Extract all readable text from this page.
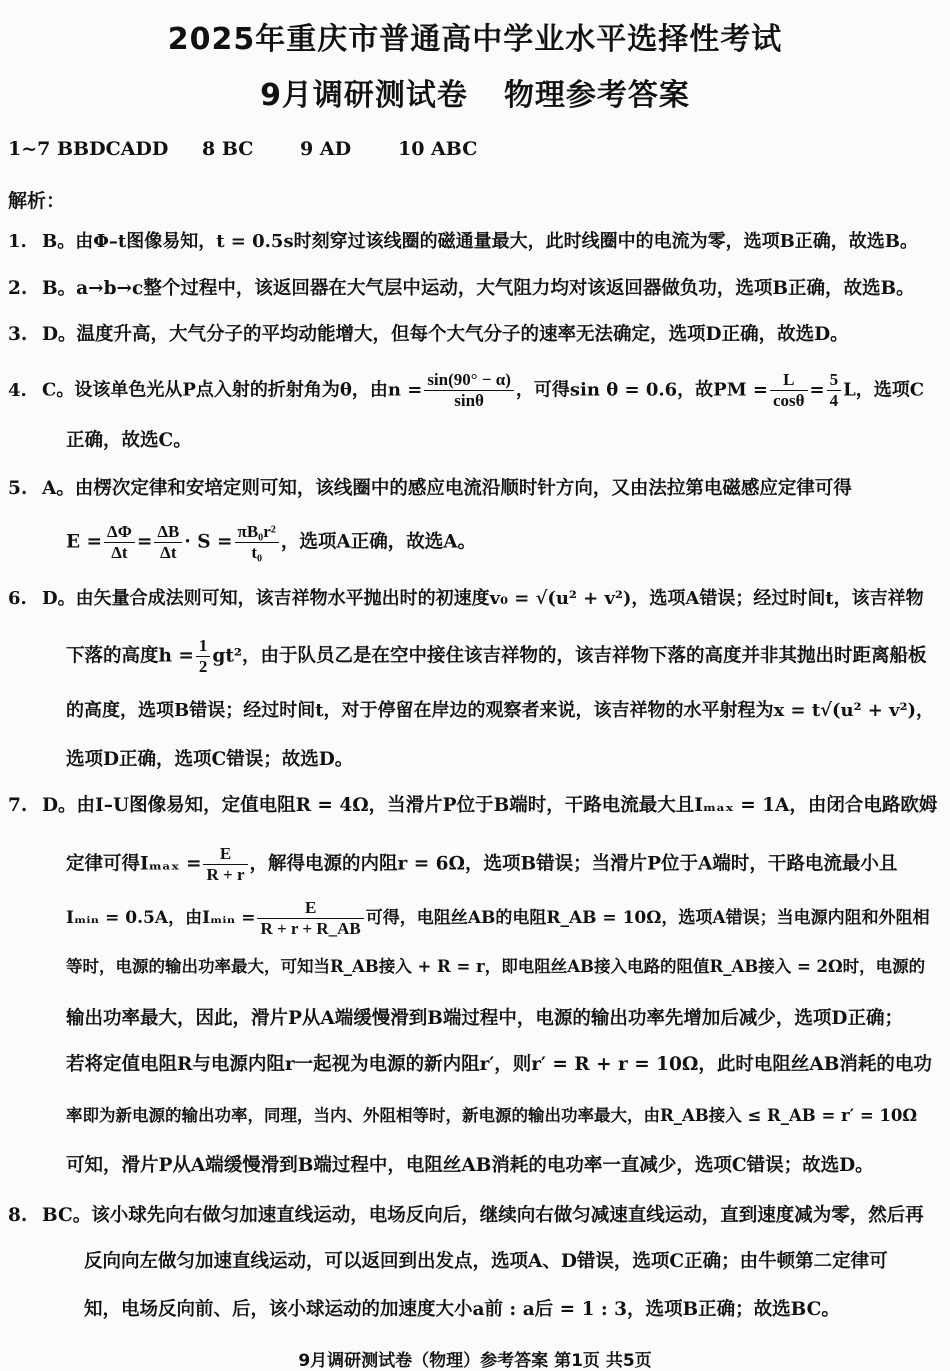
2025年重庆市普通高中学业水平选择性考试
9月调研测试卷 物理参考答案
1~7 BBDCADD 8 BC 9 AD 10 ABC
解析：
1. B。由Φ–t图像易知，t = 0.5s时刻穿过该线圈的磁通量最大，此时线圈中的电流为零，选项B正确，故选B。
2. B。a→b→c整个过程中，该返回器在大气层中运动，大气阻力均对该返回器做负功，选项B正确，故选B。
3. D。温度升高，大气分子的平均动能增大，但每个大气分子的速率无法确定，选项D正确，故选D。
4. C。设该单色光从P点入射的折射角为θ，由$n = \frac{\sin(90^\circ - \alpha)}{\sin\theta}$ ，可得sin θ = 0.6，故PM = $\frac{L}{\cos\theta} = \frac{5}{4}$ L，选项C
正确，故选C。
5. A。由楞次定律和安培定则可知，该线圈中的感应电流沿顺时针方向，又由法拉第电磁感应定律可得
$E = \frac{\Delta\Phi}{\Delta t} = \frac{\Delta B}{\Delta t} \cdot S = \frac{\text{πB₀r²}}{\text{t₀}}$ ，选项A正确，故选A。
6. D。由矢量合成法则可知，该吉祥物水平抛出时的初速度v₀ = √(u² + v²)，选项A错误；经过时间t，该吉祥物
下落的高度$h = \frac{1}{2} gt^2$，由于队员乙是在空中接住该吉祥物的，该吉祥物下落的高度并非其抛出时距离船板
的高度，选项B错误；经过时间t，对于停留在岸边的观察者来说，该吉祥物的水平射程为x = t√(u² + v²)，
选项D正确，选项C错误；故选D。
7. D。由I–U图像易知，定值电阻R = 4Ω，当滑片P位于B端时，干路电流最大且Iₘₐₓ = 1A，由闭合电路欧姆
定律可得$I_{max} = \frac{E}{R + r}$ ，解得电源的内阻r = 6Ω，选项B错误；当滑片P位于A端时，干路电流最小且
Iₘᵢₙ = 0.5A，由Iₘᵢₙ = $\frac{E}{R + r + R\_AB}$ 可得，电阻丝AB的电阻R_AB = 10Ω，选项A错误；当电源内阻和外阻相
等时，电源的输出功率最大，可知当R_AB接入 + R = r，即电阻丝AB接入电路的阻值R_AB接入 = 2Ω时，电源的
输出功率最大，因此，滑片P从A端缓慢滑到B端过程中，电源的输出功率先增加后减少，选项D正确；
若将定值电阻R与电源内阻r一起视为电源的新内阻r′，则r′ = R + r = 10Ω，此时电阻丝AB消耗的电功
率即为新电源的输出功率，同理，当内、外阻相等时，新电源的输出功率最大，由R_AB接入 ≤ R_AB = r′ = 10Ω
可知，滑片P从A端缓慢滑到B端过程中，电阻丝AB消耗的电功率一直减少，选项C错误；故选D。
8. BC。该小球先向右做匀加速直线运动，电场反向后，继续向右做匀减速直线运动，直到速度减为零，然后再
反向向左做匀加速直线运动，可以返回到出发点，选项A、D错误，选项C正确；由牛顿第二定律可
知，电场反向前、后，该小球运动的加速度大小a前 : a后 = 1 : 3，选项B正确；故选BC。
9月调研测试卷（物理）参考答案 第1页 共5页
